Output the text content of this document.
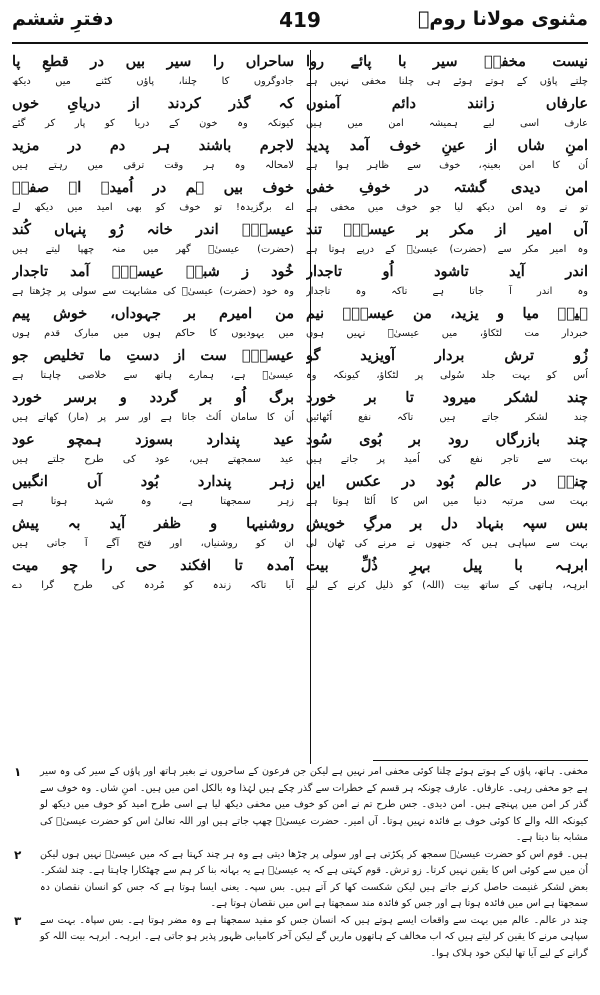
مثنوی مولانا رومؒ
419
دفترِ ششم
نیست مخفیؒ سیر با پائے روا
چلتے پاؤں کے ہوتے ہوئے ہی چلنا مخفی نہیں ہے
عارفاں زانند دائم آمنوں
عارف اسی لیے ہمیشہ امن میں ہیں
امنِ شاں از عینِ خوف آمد پدید
اُن کا امن بعینہٖ، خوف سے ظاہر ہوا ہے
امن دیدی گشتہ در خوفِ خفی
تو نے وہ امن دیکھ لیا جو خوف میں مخفی ہے
آں امیر از مکر بر عیسیٰؑ تند
وہ امیر مکر سے (حضرت) عیسیٰؑ کے درپے ہوتا ہے
اندر آید تاشود اُو تاجدار
وہ اندر آ جاتا ہے تاکہ وہ تاجدار
ہیںؒ میا و یزید، من عیسیٰؑ نیم
خبردار مت لٹکاؤ، میں عیسیٰؑ نہیں ہوں
زُو ترش بردار آویزید گو
اُس کو بہت جلد سُولی پر لٹکاؤ، کیونکہ وہ
چند لشکر میرود تا بر خورد
چند لشکر جاتے ہیں تاکہ نفع اُٹھائیں
چند بازرگاں رود بر بُوی سُود
بہت سے تاجر نفع کی اُمید پر جاتے ہیں
چندؒ در عالم بُود در عکس ایں
بہت سی مرتبہ دنیا میں اس کا اُلٹا ہوتا ہے
بس سپہ بنہاد دل بر مرگِ خویش
بہت سے سپاہی ہیں کہ جنھوں نے مرنے کی ٹھان لی
ابرہہ با پیل بہرِ ذُلِّ بیت
ابرہہ، ہاتھی کے ساتھ بیت (اللہ) کو ذلیل کرنے کے لیے
ساحراں را سیر بیں در قطعِ پا
جادوگروں کا چلنا، پاؤں کٹنے میں دیکھ
کہ گذر کردند از دریایِ خوں
کیونکہ وہ خون کے دریا کو پار کر گئے
لاجرم باشند ہر دم در مزید
لامحالہ وہ ہر وقت ترقی میں رہتے ہیں
خوف بیں ہم در اُمیدے اے صفیؒ
اے برگزیدہ! تو خوف کو بھی امید میں دیکھ لے
عیسیٰؑ اندر خانہ رُو پنہاں کُند
(حضرت) عیسیٰؑ گھر میں منہ چھپا لیتے ہیں
خُود ز شبہِ عیسیٰؑ آمد تاجدار
وہ خود (حضرت) عیسیٰؑ کی مشابہت سے سولی پر چڑھتا ہے
من امیرم بر جہوداں، خوش پیم
میں یہودیوں کا حاکم ہوں میں مبارک قدم ہوں
عیسیٰؑ ست از دستِ ما تخلیص جو
عیسیٰؑ ہے، ہمارے ہاتھ سے خلاصی چاہتا ہے
برگ اُو بر گردد و برسر خورد
اُن کا سامان اُلٹ جاتا ہے اور سر پر (مار) کھاتے ہیں
عید پندارد بسوزد ہمچو عود
عید سمجھتے ہیں، عود کی طرح جلتے ہیں
زہر پندارد بُود آں انگبیں
زہر سمجھتا ہے، وہ شہد ہوتا ہے
روشنیہا و ظفر آید بہ پیش
ان کو روشنیاں، اور فتح آگے آ جاتی ہیں
آمدہ تا افکند حی را چو میت
آیا تاکہ زندہ کو مُردہ کی طرح گرا دے
۱ مخفی۔ ہاتھ، پاؤں کے ہوتے ہوئے چلنا کوئی مخفی امر نہیں ہے لیکن جن فرعون کے ساحروں نے بغیر ہاتھ اور پاؤں کے سیر کی وہ سیر ہے جو مخفی رہی۔ عارفاں۔ عارف چونکہ ہر قسم کے خطرات سے گذر چکے ہیں لہٰذا وہ بالکل امن میں ہیں۔ امنِ شاں۔ وہ خوف سے گذر کر امن میں پہنچے ہیں۔ امن دیدی۔ جس طرح تم نے امن کو خوف میں مخفی دیکھ لیا ہے اسی طرح امید کو خوف میں دیکھ لو کیونکہ اللہ والے کا کوئی خوف بے فائدہ نہیں ہوتا۔ آں امیر۔ حضرت عیسیٰؑ چھپ جاتے ہیں اور اللہ تعالیٰ اس کو حضرت عیسیٰؑ کی مشابہ بنا دیتا ہے۔
۲ ہیں۔ قوم اس کو حضرت عیسیٰؑ سمجھ کر پکڑتی ہے اور سولی پر چڑھا دیتی ہے وہ ہر چند کہتا ہے کہ میں عیسیٰؑ نہیں ہوں لیکن اُن میں سے کوئی اس کا یقین نہیں کرتا۔ زو ترش۔ قوم کہتی ہے کہ یہ عیسیٰؑ ہے یہ بہانہ بنا کر ہم سے چھٹکارا چاہتا ہے۔ چند لشکر۔ بعض لشکر غنیمت حاصل کرنے جاتے ہیں لیکن شکست کھا کر آتے ہیں۔ بس سپہ۔ یعنی ایسا ہوتا ہے کہ جس کو انسان نقصان دہ سمجھتا ہے اس میں فائدہ ہوتا ہے اور جس کو فائدہ مند سمجھتا ہے اس میں نقصان ہوتا ہے۔
۳ چند در عالم۔ عالم میں بہت سے واقعات ایسے ہوتے ہیں کہ انسان جس کو مفید سمجھتا ہے وہ مضر ہوتا ہے۔ بس سپاہ۔ بہت سے سپاہی مرنے کا یقین کر لیتے ہیں کہ اب مخالف کے ہاتھوں ماریں گے لیکن آخر کامیابی ظہور پذیر ہو جاتی ہے۔ ابرہہ۔ ابرہہ بیت اللہ کو گرانے کے لیے آیا تھا لیکن خود ہلاک ہوا۔
